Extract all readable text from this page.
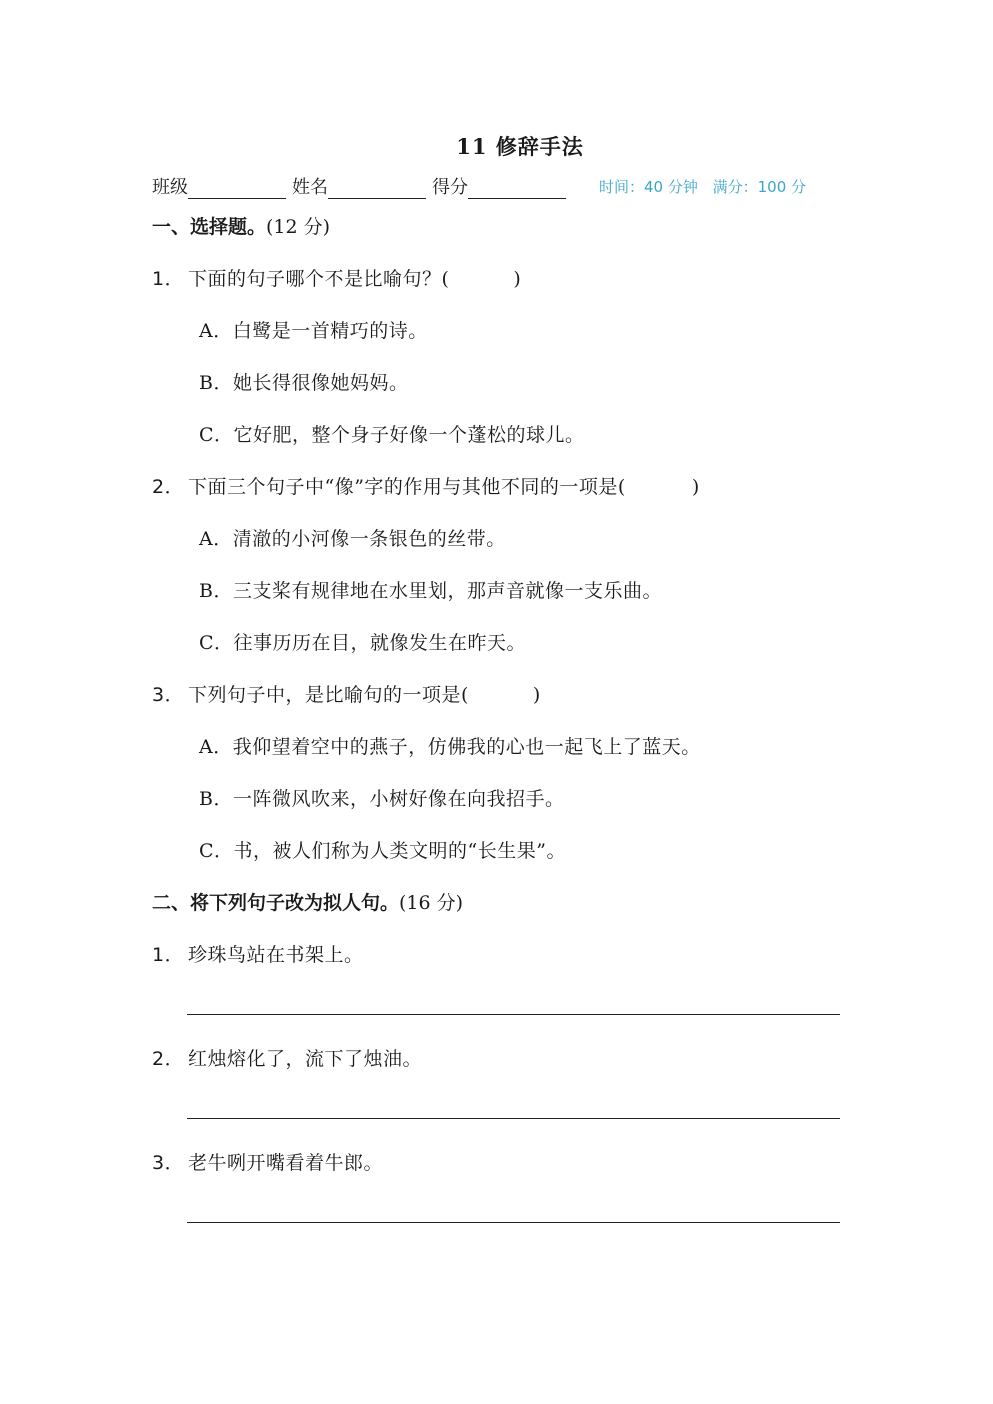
11 修辞手法
班级	姓名	得分	时间：40 分钟 满分：100 分
一、选择题。(12 分)
1． 下面的句子哪个不是比喻句？(	)
A．白鹭是一首精巧的诗。
B．她长得很像她妈妈。
C．它好肥，整个身子好像一个蓬松的球儿。
2． 下面三个句子中“像”字的作用与其他不同的一项是(	)
A．清澈的小河像一条银色的丝带。
B．三支桨有规律地在水里划，那声音就像一支乐曲。
C．往事历历在目，就像发生在昨天。
3． 下列句子中，是比喻句的一项是(	)
A．我仰望着空中的燕子，仿佛我的心也一起飞上了蓝天。
B．一阵微风吹来，小树好像在向我招手。
C．书，被人们称为人类文明的“长生果”。
二、将下列句子改为拟人句。(16 分)
1． 珍珠鸟站在书架上。
2． 红烛熔化了，流下了烛油。
3． 老牛咧开嘴看着牛郎。
